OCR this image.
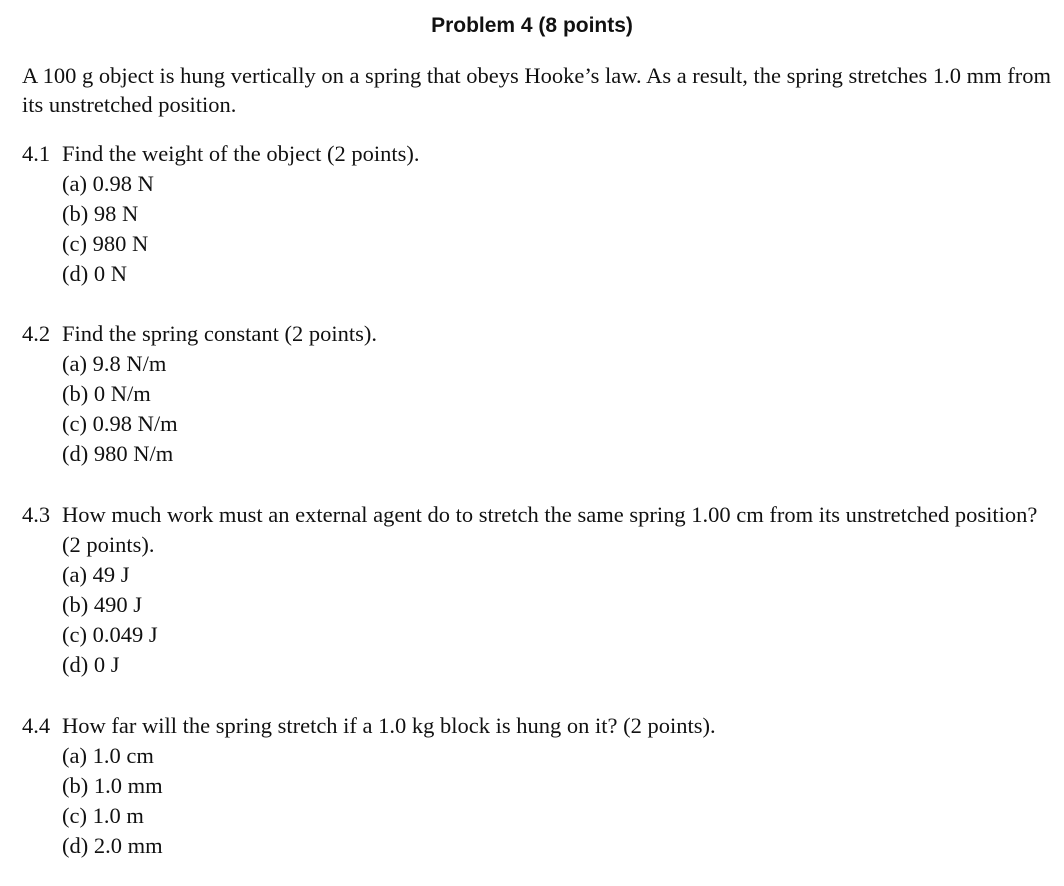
Problem 4 (8 points)
A 100 g object is hung vertically on a spring that obeys Hooke’s law. As a result, the spring stretches 1.0 mm from its unstretched position.
4.1 Find the weight of the object (2 points).
(a) 0.98 N
(b) 98 N
(c) 980 N
(d) 0 N
4.2 Find the spring constant (2 points).
(a) 9.8 N/m
(b) 0 N/m
(c) 0.98 N/m
(d) 980 N/m
4.3 How much work must an external agent do to stretch the same spring 1.00 cm from its unstretched position? (2 points).
(a) 49 J
(b) 490 J
(c) 0.049 J
(d) 0 J
4.4 How far will the spring stretch if a 1.0 kg block is hung on it? (2 points).
(a) 1.0 cm
(b) 1.0 mm
(c) 1.0 m
(d) 2.0 mm
